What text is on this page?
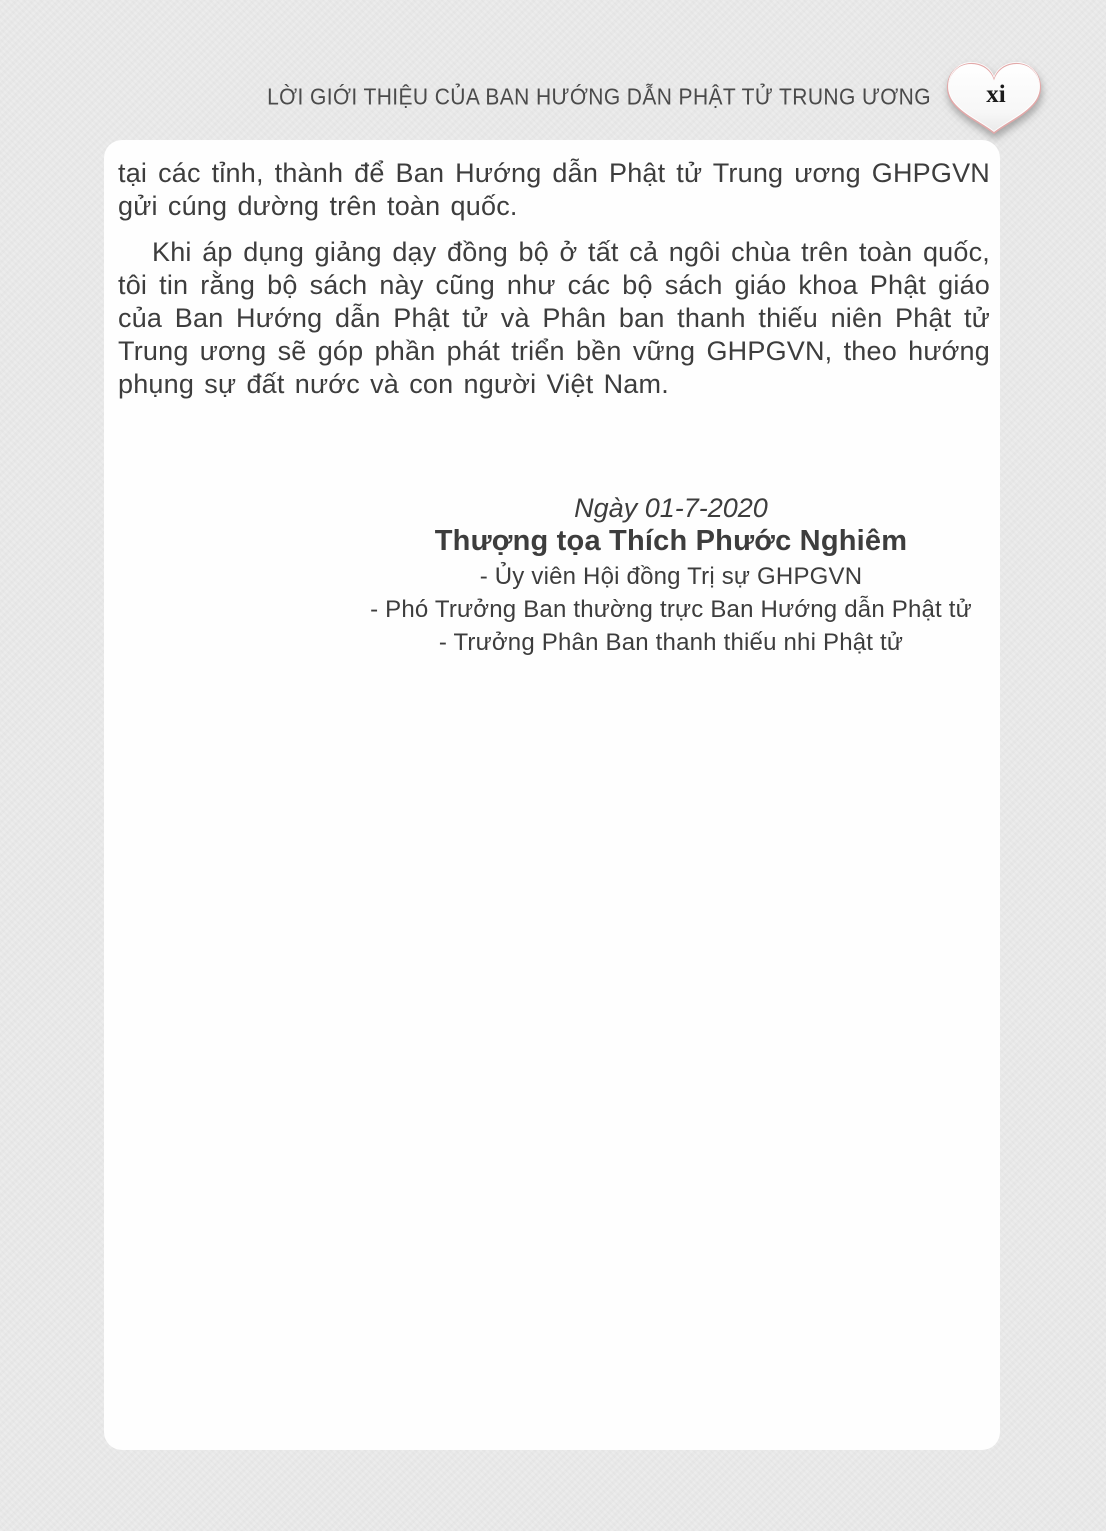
LỜI GIỚI THIỆU CỦA BAN HƯỚNG DẪN PHẬT TỬ TRUNG ƯƠNG xi

tại các tỉnh, thành để Ban Hướng dẫn Phật tử Trung ương GHPGVN gửi cúng dường trên toàn quốc.

Khi áp dụng giảng dạy đồng bộ ở tất cả ngôi chùa trên toàn quốc, tôi tin rằng bộ sách này cũng như các bộ sách giáo khoa Phật giáo của Ban Hướng dẫn Phật tử và Phân ban thanh thiếu niên Phật tử Trung ương sẽ góp phần phát triển bền vững GHPGVN, theo hướng phụng sự đất nước và con người Việt Nam.

Ngày 01-7-2020
Thượng tọa Thích Phước Nghiêm
- Ủy viên Hội đồng Trị sự GHPGVN
- Phó Trưởng Ban thường trực Ban Hướng dẫn Phật tử
- Trưởng Phân Ban thanh thiếu nhi Phật tử
